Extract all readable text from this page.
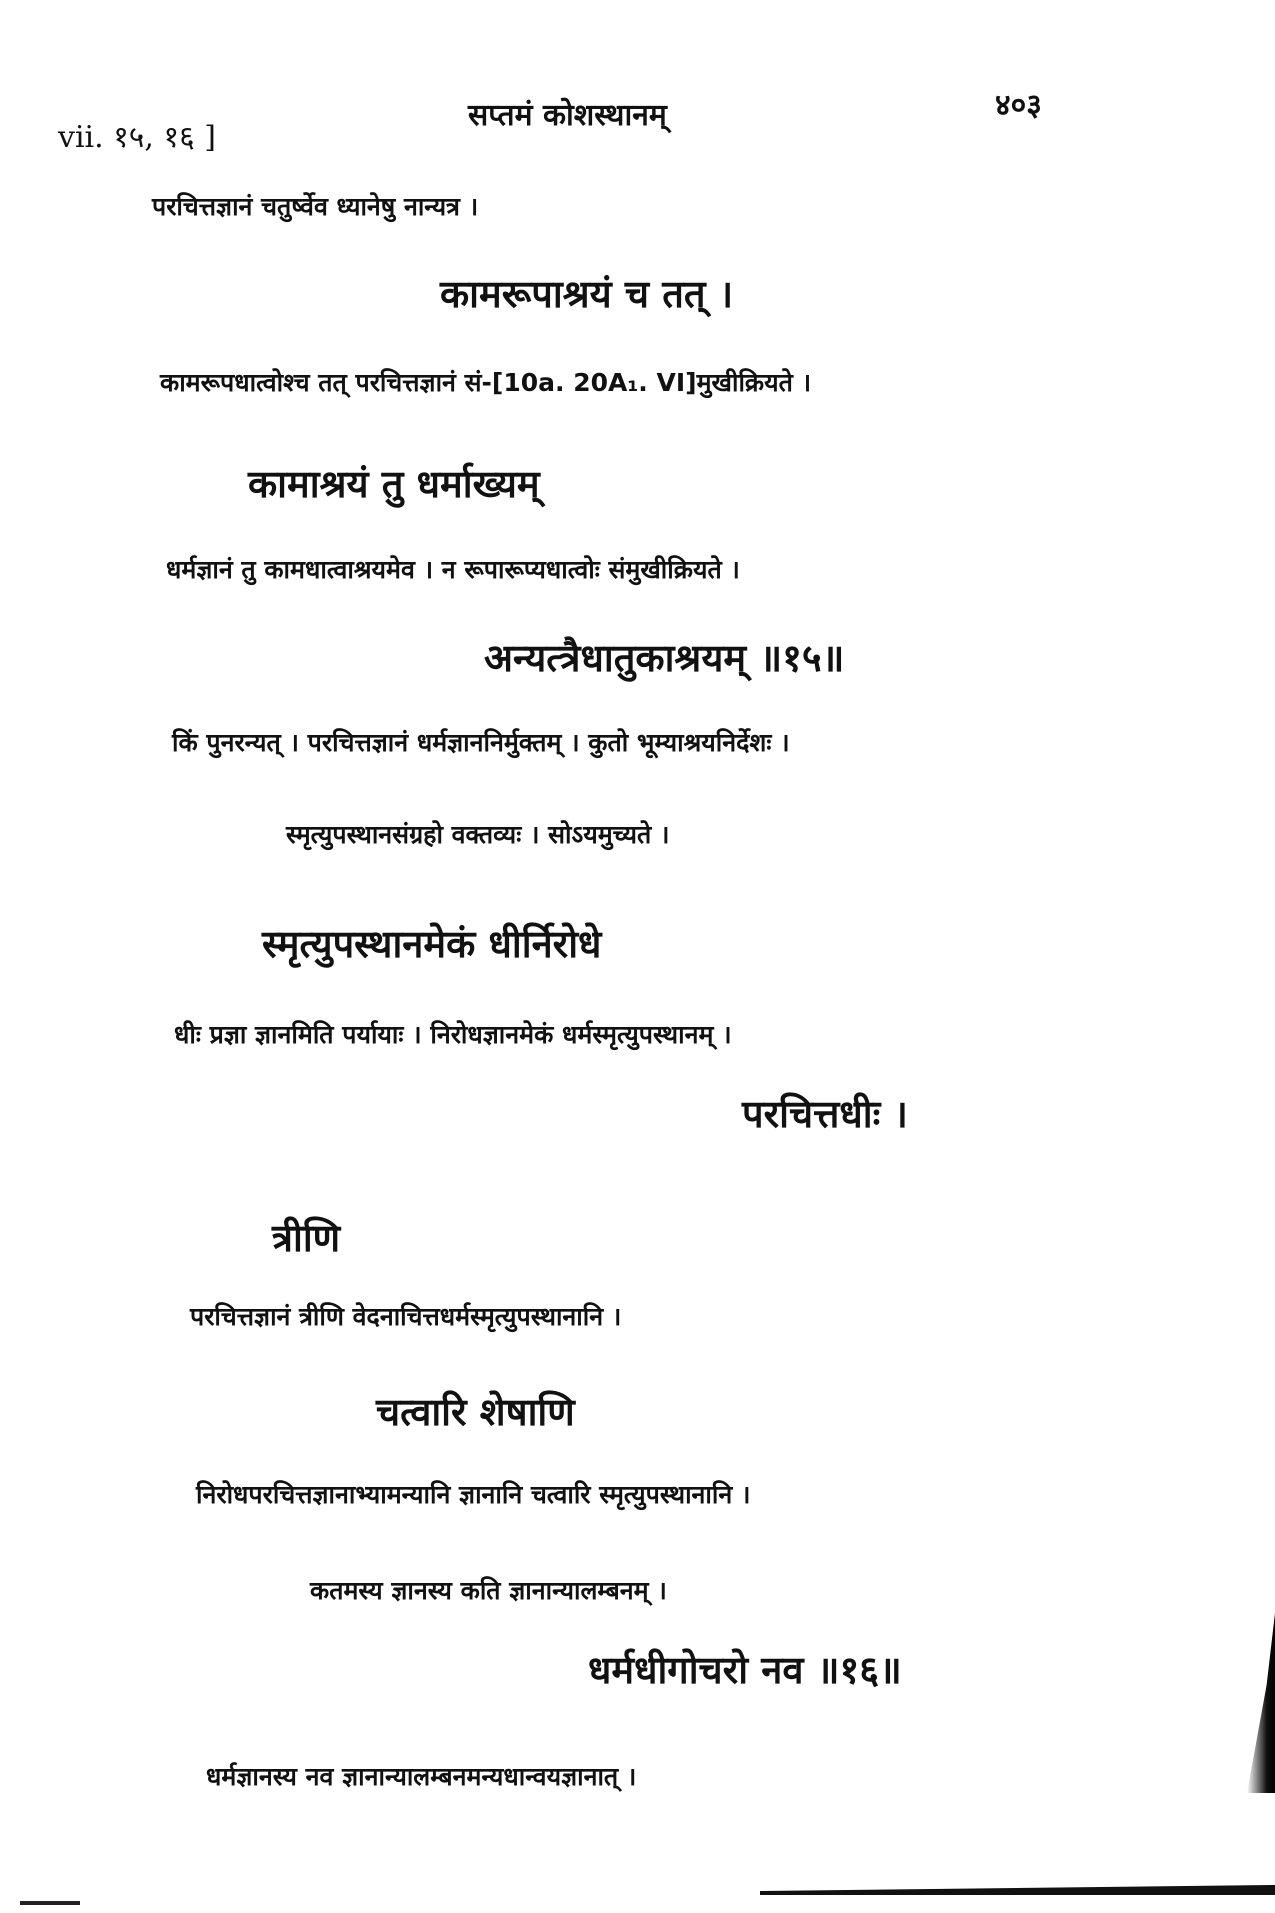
vii. १५, १६ ]
सप्तमं कोशस्थानम्	४०३
परचित्तज्ञानं चतुर्ष्वेव ध्यानेषु नान्यत्र ।
कामरूपाश्रयं च तत् ।
कामरूपधात्वोश्च तत् परचित्तज्ञानं सं-[10a. 20A₁. VI]मुखीक्रियते ।
कामाश्रयं तु धर्माख्यम्
धर्मज्ञानं तु कामधात्वाश्रयमेव । न रूपारूप्यधात्वोः संमुखीक्रियते ।
अन्यत्त्रैधातुकाश्रयम् ॥१५॥
किं पुनरन्यत् । परचित्तज्ञानं धर्मज्ञाननिर्मुक्तम् । कुतो भूम्याश्रयनिर्देशः ।
स्मृत्युपस्थानसंग्रहो वक्तव्यः । सोऽयमुच्यते ।
स्मृत्युपस्थानमेकं धीर्निरोधे
धीः प्रज्ञा ज्ञानमिति पर्यायाः । निरोधज्ञानमेकं धर्मस्मृत्युपस्थानम् ।
परचित्तधीः ।
त्रीणि
परचित्तज्ञानं त्रीणि वेदनाचित्तधर्मस्मृत्युपस्थानानि ।
चत्वारि शेषाणि
निरोधपरचित्तज्ञानाभ्यामन्यानि ज्ञानानि चत्वारि स्मृत्युपस्थानानि ।
कतमस्य ज्ञानस्य कति ज्ञानान्यालम्बनम् ।
धर्मधीगोचरो नव ॥१६॥
धर्मज्ञानस्य नव ज्ञानान्यालम्बनमन्यधान्वयज्ञानात् ।
